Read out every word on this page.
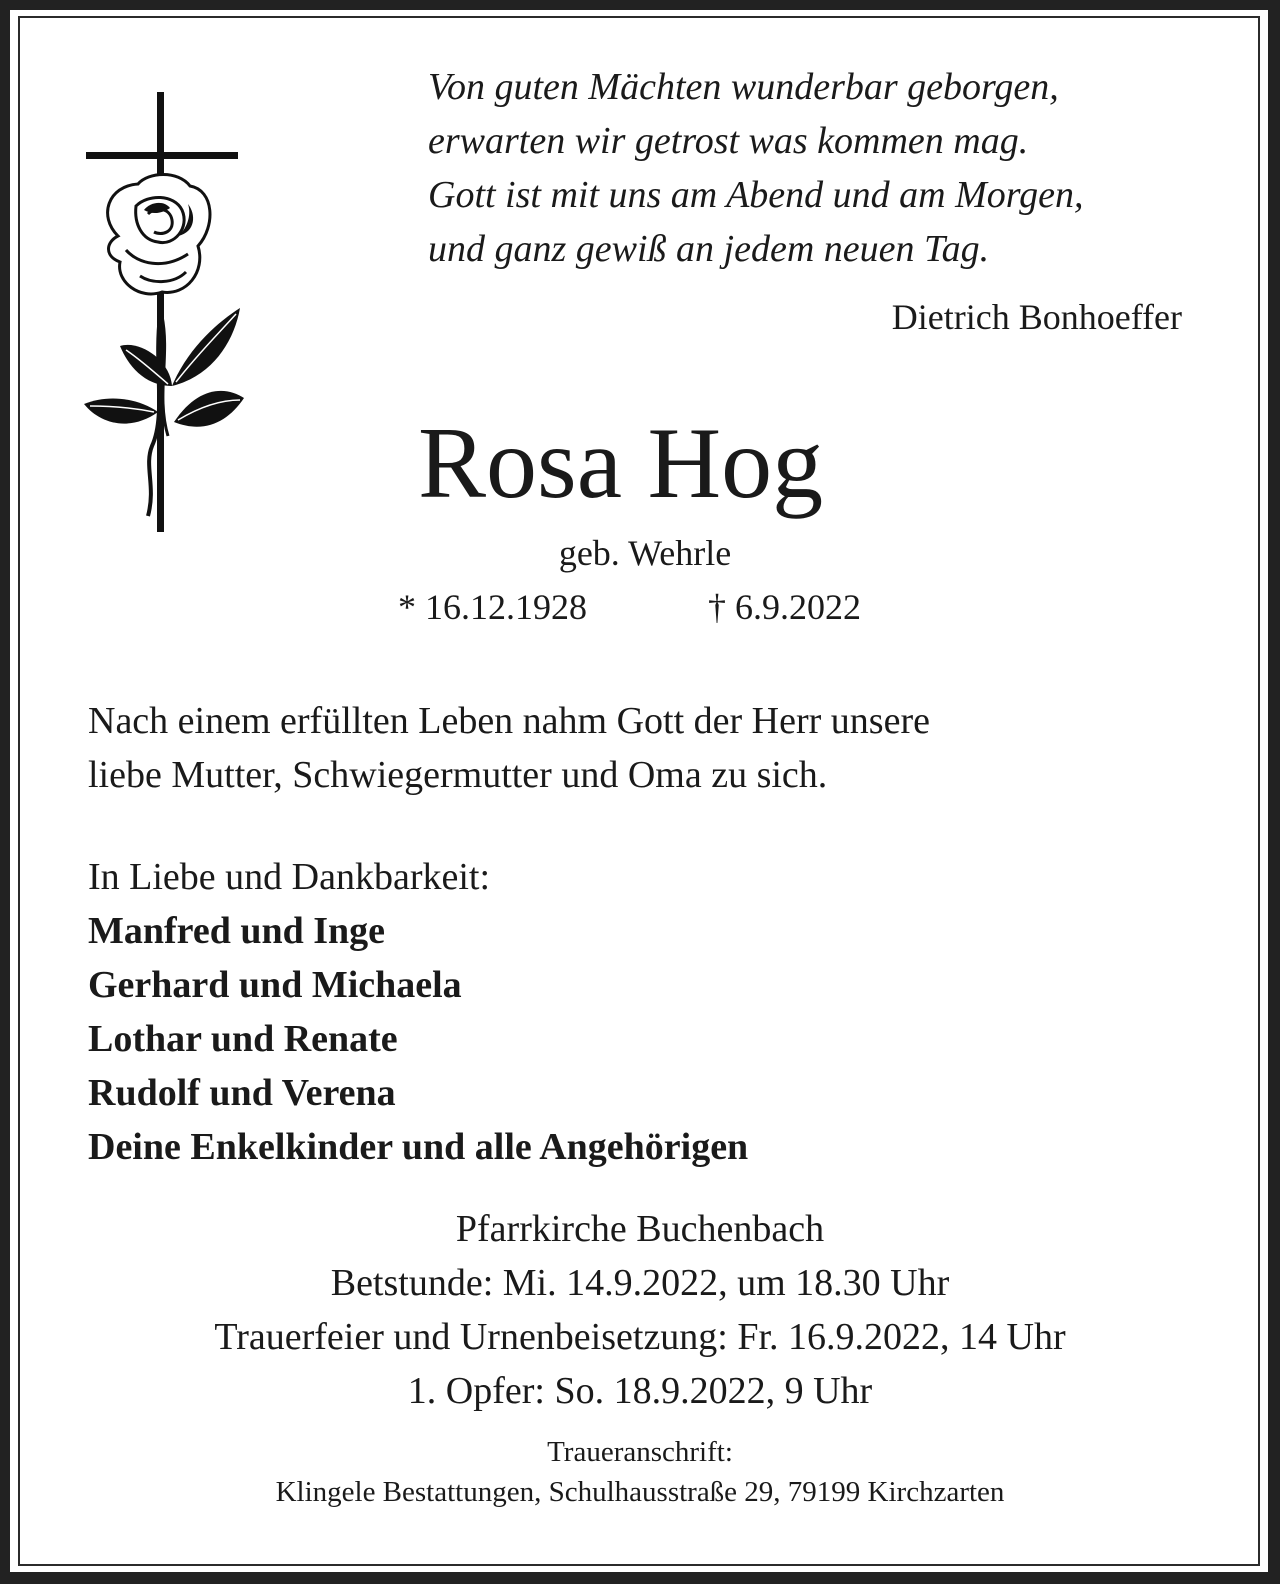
Von guten Mächten wunderbar geborgen,
erwarten wir getrost was kommen mag.
Gott ist mit uns am Abend und am Morgen,
und ganz gewiß an jedem neuen Tag.
Dietrich Bonhoeffer
Rosa Hog
geb. Wehrle
* 16.12.1928	† 6.9.2022
Nach einem erfüllten Leben nahm Gott der Herr unsere
liebe Mutter, Schwiegermutter und Oma zu sich.
In Liebe und Dankbarkeit:
Manfred und Inge
Gerhard und Michaela
Lothar und Renate
Rudolf und Verena
Deine Enkelkinder und alle Angehörigen
Pfarrkirche Buchenbach
Betstunde: Mi. 14.9.2022, um 18.30 Uhr
Trauerfeier und Urnenbeisetzung: Fr. 16.9.2022, 14 Uhr
1. Opfer: So. 18.9.2022, 9 Uhr
Traueranschrift:
Klingele Bestattungen, Schulhausstraße 29, 79199 Kirchzarten
